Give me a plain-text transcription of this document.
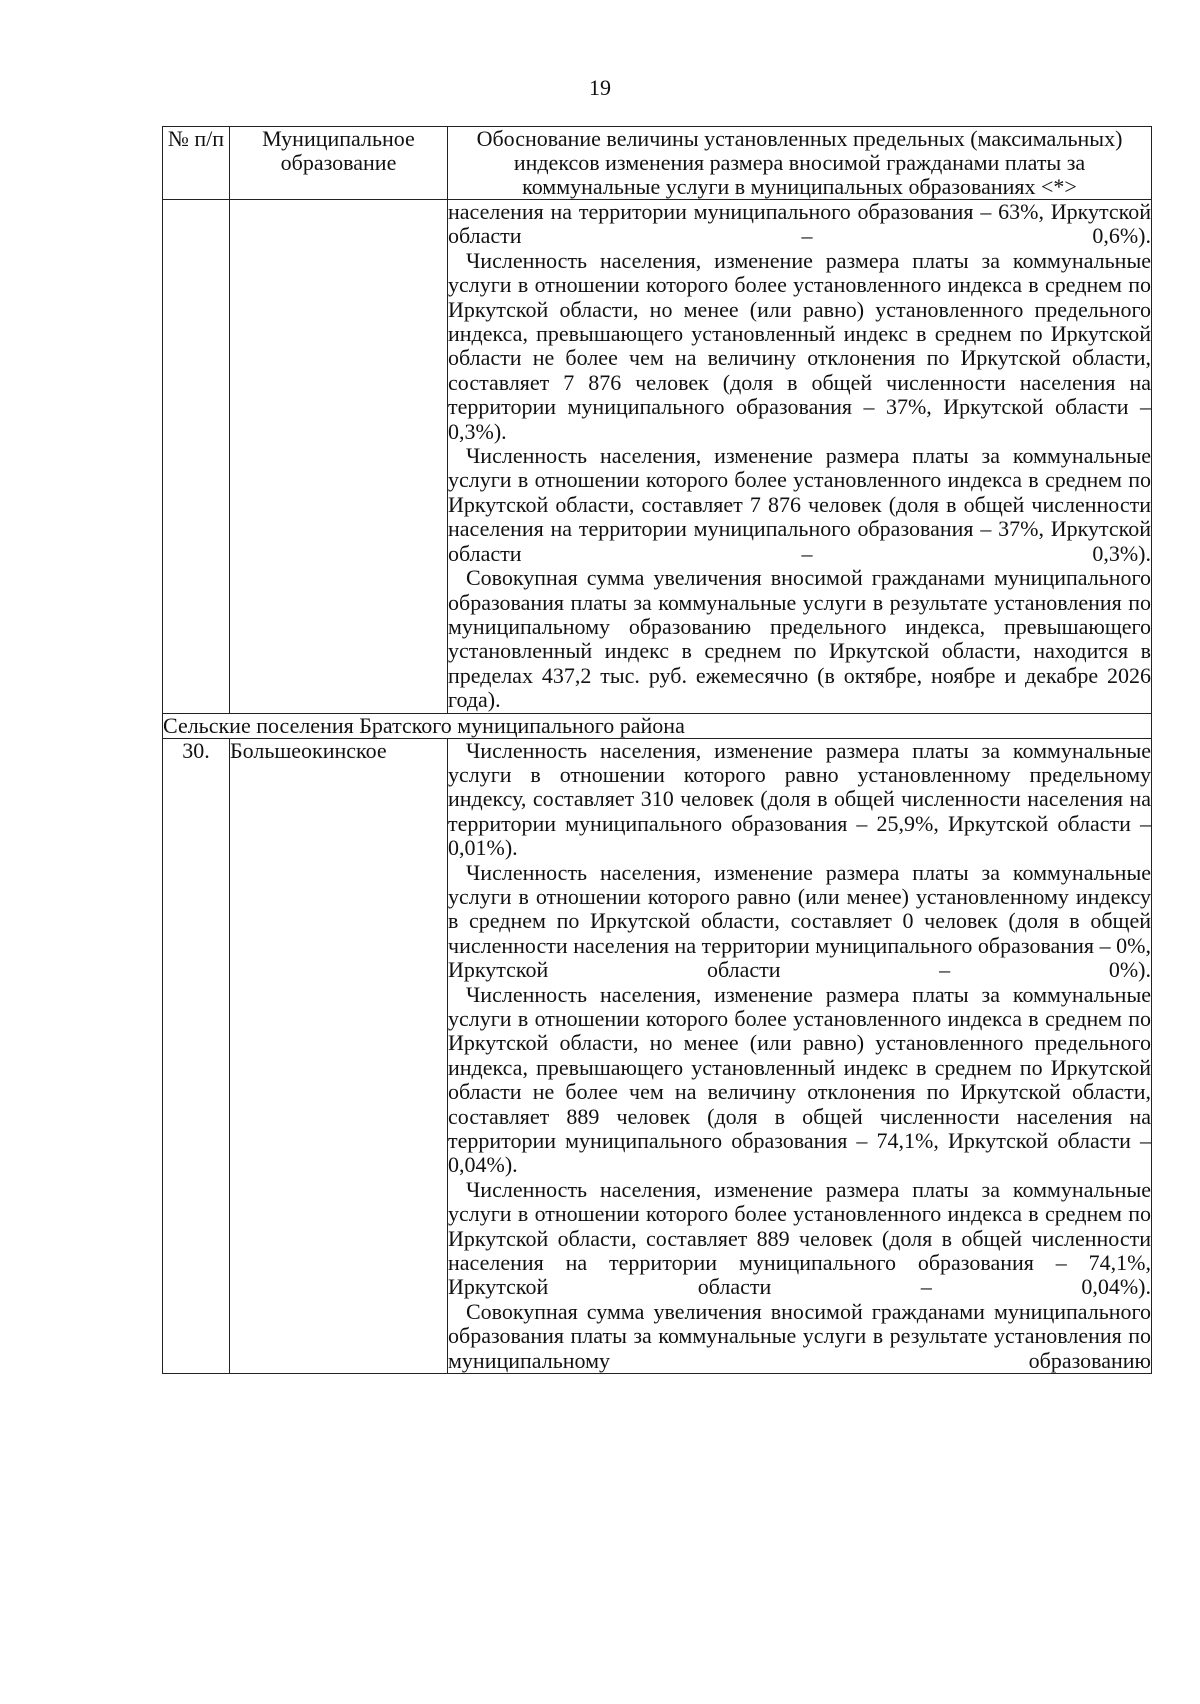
19
№ п/п	Муниципальное образование	Обоснование величины установленных предельных (максимальных) индексов изменения размера вносимой гражданами платы за коммунальные услуги в муниципальных образованиях <*>

		населения на территории муниципального образования – 63%, Иркутской области – 0,6%).

Численность населения, изменение размера платы за коммунальные услуги в отношении которого более установленного индекса в среднем по Иркутской области, но менее (или равно) установленного предельного индекса, превышающего установленный индекс в среднем по Иркутской области не более чем на величину отклонения по Иркутской области, составляет 7 876 человек (доля в общей численности населения на территории муниципального образования – 37%, Иркутской области – 0,3%).

Численность населения, изменение размера платы за коммунальные услуги в отношении которого более установленного индекса в среднем по Иркутской области, составляет 7 876 человек (доля в общей численности населения на территории муниципального образования – 37%, Иркутской области – 0,3%).

Совокупная сумма увеличения вносимой гражданами муниципального образования платы за коммунальные услуги в результате установления по муниципальному образованию предельного индекса, превышающего установленный индекс в среднем по Иркутской области, находится в пределах 437,2 тыс. руб. ежемесячно (в октябре, ноябре и декабре 2026 года).

Сельские поселения Братского муниципального района		
30.	Большеокинское	Численность населения, изменение размера платы за коммунальные услуги в отношении которого равно установленному предельному индексу, составляет 310 человек (доля в общей численности населения на территории муниципального образования – 25,9%, Иркутской области – 0,01%).

Численность населения, изменение размера платы за коммунальные услуги в отношении которого равно (или менее) установленному индексу в среднем по Иркутской области, составляет 0 человек (доля в общей численности населения на территории муниципального образования – 0%, Иркутской области – 0%).

Численность населения, изменение размера платы за коммунальные услуги в отношении которого более установленного индекса в среднем по Иркутской области, но менее (или равно) установленного предельного индекса, превышающего установленный индекс в среднем по Иркутской области не более чем на величину отклонения по Иркутской области, составляет 889 человек (доля в общей численности населения на территории муниципального образования – 74,1%, Иркутской области – 0,04%).

Численность населения, изменение размера платы за коммунальные услуги в отношении которого более установленного индекса в среднем по Иркутской области, составляет 889 человек (доля в общей численности населения на территории муниципального образования – 74,1%, Иркутской области – 0,04%).

Совокупная сумма увеличения вносимой гражданами муниципального образования платы за коммунальные услуги в результате установления по муниципальному образованию
